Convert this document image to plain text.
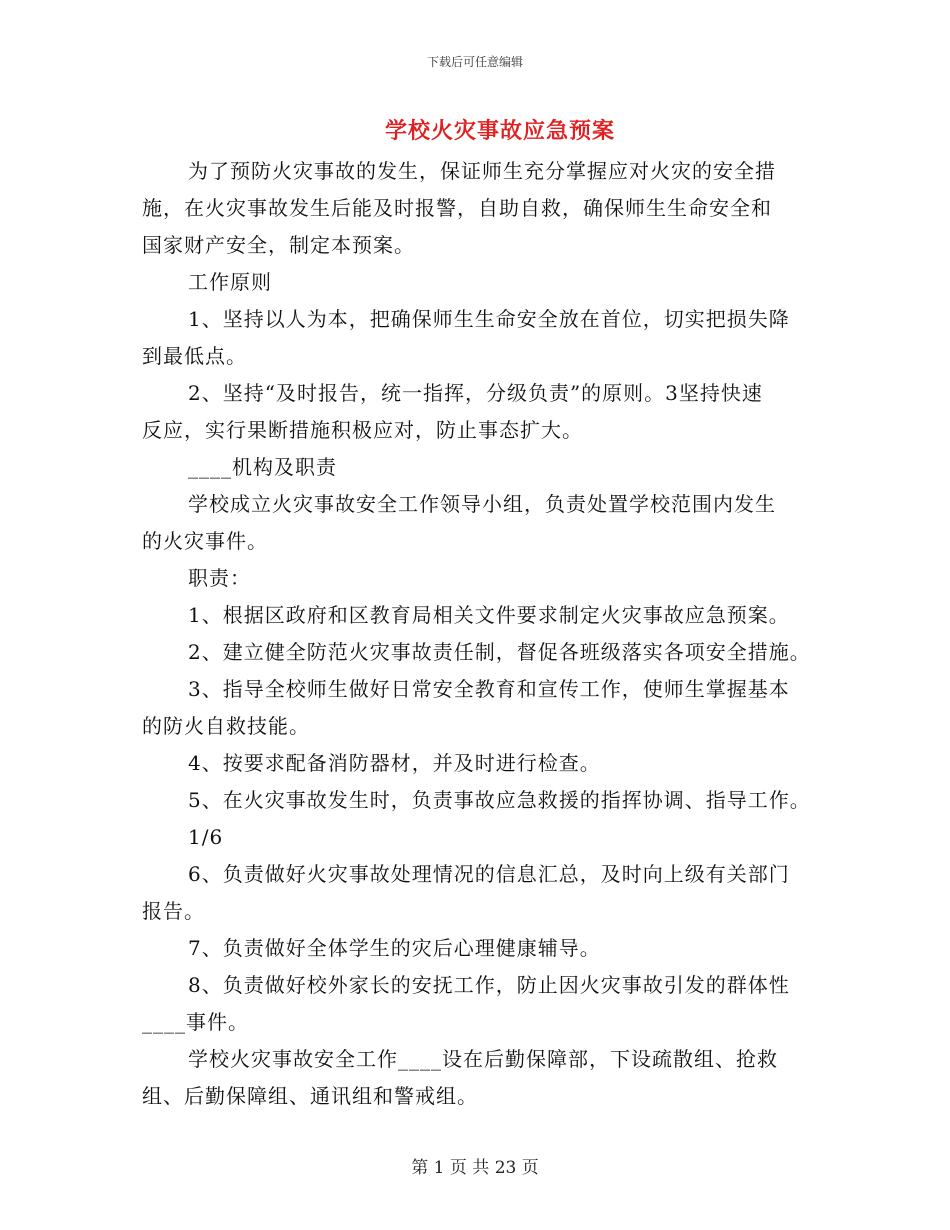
下载后可任意编辑
学校火灾事故应急预案
为了预防火灾事故的发生，保证师生充分掌握应对火灾的安全措
施，在火灾事故发生后能及时报警，自助自救，确保师生生命安全和
国家财产安全，制定本预案。
工作原则
1、坚持以人为本，把确保师生生命安全放在首位，切实把损失降
到最低点。
2、坚持“及时报告，统一指挥，分级负责”的原则。3坚持快速
反应，实行果断措施积极应对，防止事态扩大。
____机构及职责
学校成立火灾事故安全工作领导小组，负责处置学校范围内发生
的火灾事件。
职责：
1、根据区政府和区教育局相关文件要求制定火灾事故应急预案。
2、建立健全防范火灾事故责任制，督促各班级落实各项安全措施。
3、指导全校师生做好日常安全教育和宣传工作，使师生掌握基本
的防火自救技能。
4、按要求配备消防器材，并及时进行检查。
5、在火灾事故发生时，负责事故应急救援的指挥协调、指导工作。
1/6
6、负责做好火灾事故处理情况的信息汇总，及时向上级有关部门
报告。
7、负责做好全体学生的灾后心理健康辅导。
8、负责做好校外家长的安抚工作，防止因火灾事故引发的群体性
____事件。
学校火灾事故安全工作____设在后勤保障部，下设疏散组、抢救
组、后勤保障组、通讯组和警戒组。
第 1 页 共 23 页
